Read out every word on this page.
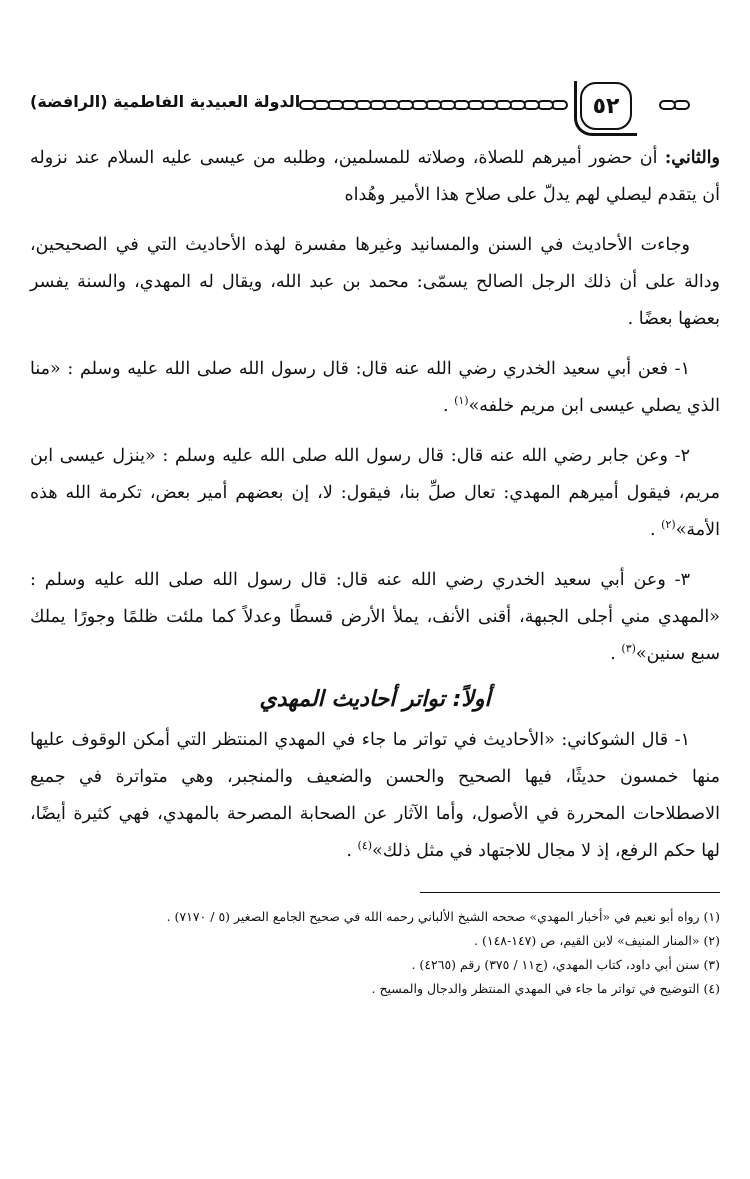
٥٢
الدولة العبيدية الفاطمية (الرافضة)

والثاني: أن حضور أميرهم للصلاة، وصلاته للمسلمين، وطلبه من عيسى عليه السلام عند نزوله أن يتقدم ليصلي لهم يدلّ على صلاح هذا الأمير وهُداه

وجاءت الأحاديث في السنن والمسانيد وغيرها مفسرة لهذه الأحاديث التي في الصحيحين، ودالة على أن ذلك الرجل الصالح يسمّى: محمد بن عبد الله، ويقال له المهدي، والسنة يفسر بعضها بعضًا .

١- فعن أبي سعيد الخدري رضي الله عنه قال: قال رسول الله صلى الله عليه وسلم : «منا الذي يصلي عيسى ابن مريم خلفه»$^{(١)}$ .

٢- وعن جابر رضي الله عنه قال: قال رسول الله صلى الله عليه وسلم : «ينزل عيسى ابن مريم، فيقول أميرهم المهدي: تعال صلِّ بنا، فيقول: لا، إن بعضهم أمير بعض، تكرمة الله هذه الأمة»$^{(٢)}$ .

٣- وعن أبي سعيد الخدري رضي الله عنه قال: قال رسول الله صلى الله عليه وسلم : «المهدي مني أجلى الجبهة، أقنى الأنف، يملأ الأرض قسطًا وعدلاً كما ملئت ظلمًا وجورًا يملك سبع سنين»$^{(٣)}$ .

أولاً: تواتر أحاديث المهدي

١- قال الشوكاني: «الأحاديث في تواتر ما جاء في المهدي المنتظر التي أمكن الوقوف عليها منها خمسون حديثًا، فيها الصحيح والحسن والضعيف والمنجبر، وهي متواترة في جميع الاصطلاحات المحررة في الأصول، وأما الآثار عن الصحابة المصرحة بالمهدي، فهي كثيرة أيضًا، لها حكم الرفع، إذ لا مجال للاجتهاد في مثل ذلك»$^{(٤)}$ .

(١) رواه أبو نعيم في «أخبار المهدي» صححه الشيخ الألباني رحمه الله في صحيح الجامع الصغير (٥ / ٧١٧٠) .

(٢) «المنار المنيف» لابن القيم، ص (١٤٧-١٤٨) .

(٣) سنن أبي داود، كتاب المهدي، (ج١١ / ٣٧٥) رقم (٤٢٦٥) .

(٤) التوضيح في تواتر ما جاء في المهدي المنتظر والدجال والمسيح .
